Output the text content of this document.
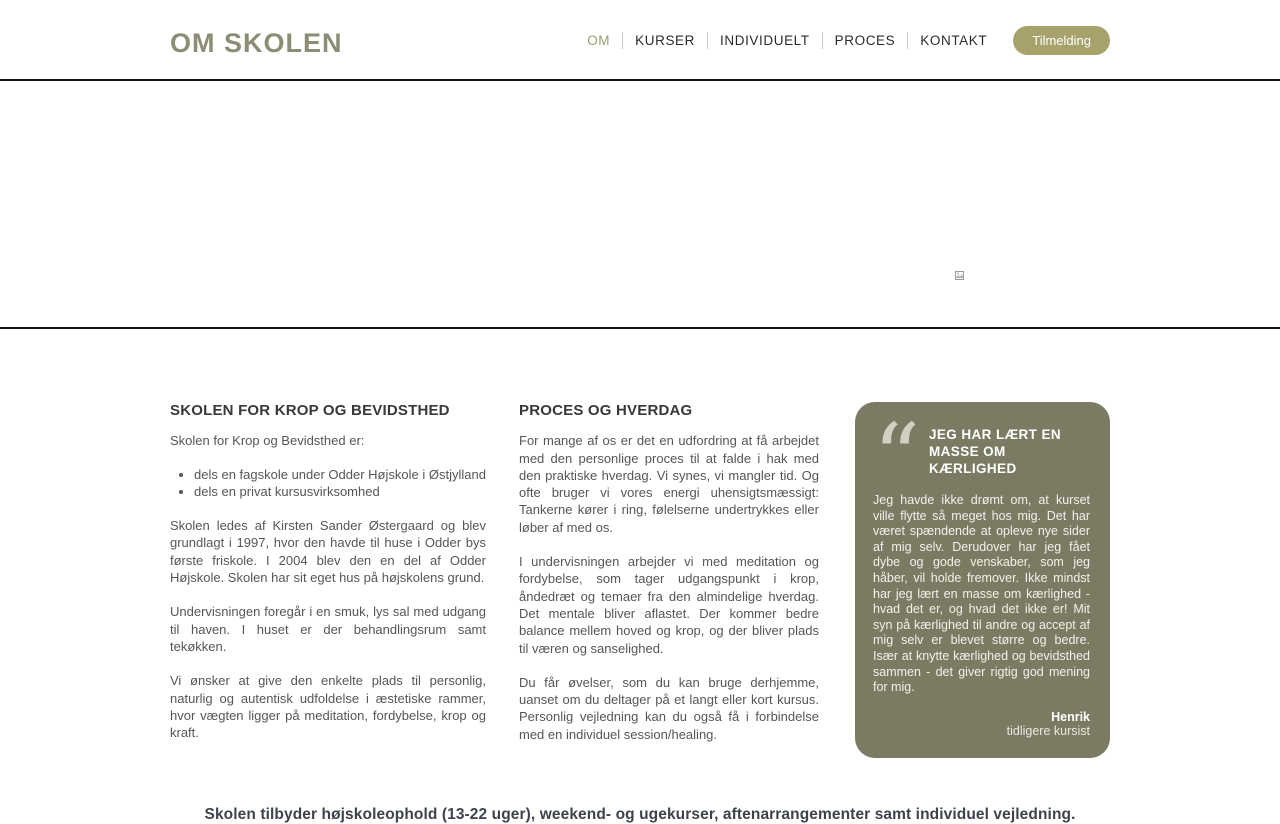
OM SKOLEN	OM KURSER INDIVIDUELT PROCES KONTAKT	Tilmelding
SKOLEN FOR KROP OG BEVIDSTHED
Skolen for Krop og Bevidsthed er:
• dels en fagskole under Odder Højskole i Østjylland
• dels en privat kursusvirksomhed

Skolen ledes af Kirsten Sander Østergaard og blev grundlagt i 1997, hvor den havde til huse i Odder bys første friskole. I 2004 blev den en del af Odder Højskole. Skolen har sit eget hus på højskolens grund.

Undervisningen foregår i en smuk, lys sal med udgang til haven. I huset er der behandlingsrum samt tekøkken.

Vi ønsker at give den enkelte plads til personlig, naturlig og autentisk udfoldelse i æstetiske rammer, hvor vægten ligger på meditation, fordybelse, krop og kraft.

PROCES OG HVERDAG

For mange af os er det en udfordring at få arbejdet med den personlige proces til at falde i hak med den praktiske hverdag. Vi synes, vi mangler tid. Og ofte bruger vi vores energi uhensigtsmæssigt: Tankerne kører i ring, følelserne undertrykkes eller løber af med os.

I undervisningen arbejder vi med meditation og fordybelse, som tager udgangspunkt i krop, åndedræt og temaer fra den almindelige hverdag. Det mentale bliver aflastet. Der kommer bedre balance mellem hoved og krop, og der bliver plads til væren og sanselighed.

Du får øvelser, som du kan bruge derhjemme, uanset om du deltager på et langt eller kort kursus. Personlig vejledning kan du også få i forbindelse med en individuel session/healing.

“ JEG HAR LÆRT EN MASSE OM KÆRLIGHED
Jeg havde ikke drømt om, at kurset ville flytte så meget hos mig. Det har været spændende at opleve nye sider af mig selv. Derudover har jeg fået dybe og gode venskaber, som jeg håber, vil holde fremover. Ikke mindst har jeg lært en masse om kærlighed - hvad det er, og hvad det ikke er! Mit syn på kærlighed til andre og accept af mig selv er blevet større og bedre. Især at knytte kærlighed og bevidsthed sammen - det giver rigtig god mening for mig.
Henrik
tidligere kursist
Skolen tilbyder højskoleophold (13-22 uger), weekend- og ugekurser, aftenarrangementer samt individuel vejledning.
